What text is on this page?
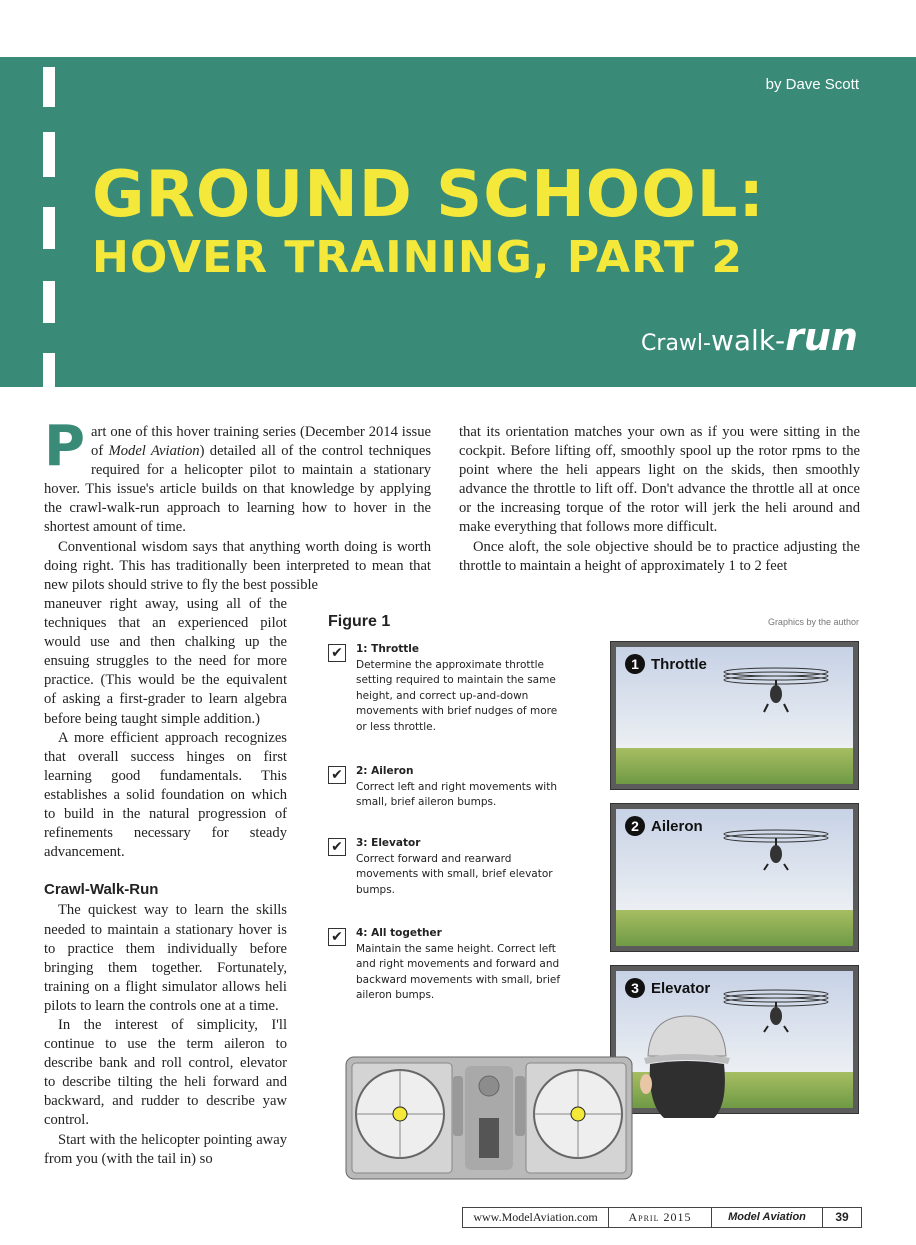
by Dave Scott
GROUND SCHOOL:
HOVER TRAINING, PART 2
Crawl-walk-run

Part one of this hover training series (December 2014 issue of Model Aviation) detailed all of the control techniques required for a helicopter pilot to maintain a stationary hover. This issue's article builds on that knowledge by applying the crawl-walk-run approach to learning how to hover in the shortest amount of time.

Conventional wisdom says that anything worth doing is worth doing right. This has traditionally been interpreted to mean that new pilots should strive to fly the best possible

maneuver right away, using all of the techniques that an experienced pilot would use and then chalking up the ensuing struggles to the need for more practice. (This would be the equivalent of asking a first-grader to learn algebra before being taught simple addition.)

A more efficient approach recognizes that overall success hinges on first learning good fundamentals. This establishes a solid foundation on which to build in the natural progression of refinements necessary for steady advancement.

Crawl-Walk-Run

The quickest way to learn the skills needed to maintain a stationary hover is to practice them individually before bringing them together. Fortunately, training on a flight simulator allows heli pilots to learn the controls one at a time.

In the interest of simplicity, I'll continue to use the term aileron to describe bank and roll control, elevator to describe tilting the heli forward and backward, and rudder to describe yaw control.

Start with the helicopter pointing away from you (with the tail in) so

that its orientation matches your own as if you were sitting in the cockpit. Before lifting off, smoothly spool up the rotor rpms to the point where the heli appears light on the skids, then smoothly advance the throttle to lift off. Don't advance the throttle all at once or the increasing torque of the rotor will jerk the heli around and make everything that follows more difficult.

Once aloft, the sole objective should be to practice adjusting the throttle to maintain a height of approximately 1 to 2 feet

Figure 1	Graphics by the author
✔ 1: Throttle
Determine the approximate throttle setting required to maintain the same height, and correct up-and-down movements with brief nudges of more or less throttle.
✔ 2: Aileron
Correct left and right movements with small, brief aileron bumps.
✔ 3: Elevator
Correct forward and rearward movements with small, brief elevator bumps.
✔ 4: All together
Maintain the same height. Correct left and right movements and forward and backward movements with small, brief aileron bumps.
1 Throttle
2 Aileron
3 Elevator
www.ModelAviation.com	April 2015	Model Aviation	39
